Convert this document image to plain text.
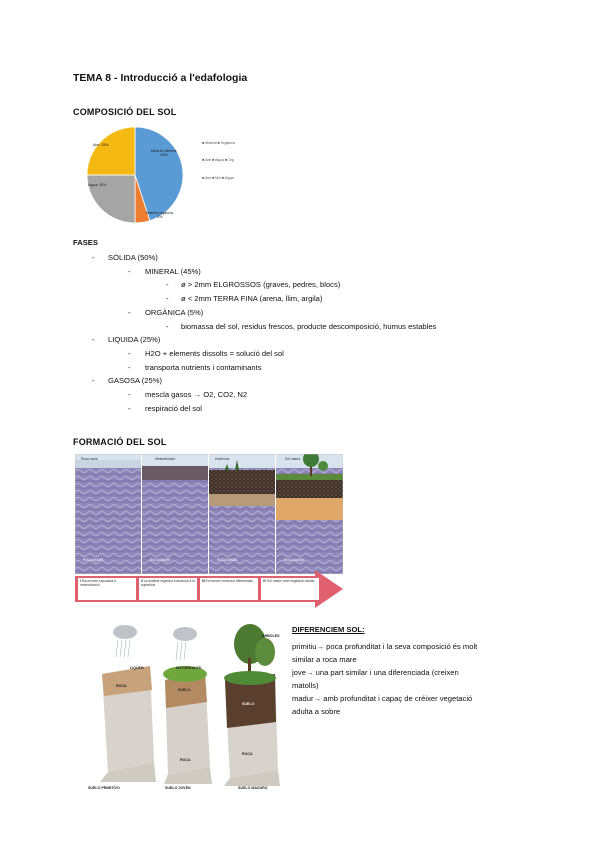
TEMA 8 - Introducció a l'edafologia
COMPOSICIÓ DEL SOL
Aire: 25%
Mineral: Mineral, 45%
Matèria orgànica, 5%
Aigua: 25%
■ Mineral ■ Orgànica
■ Aire ■ Aigua ■ Org
■ Aire ■ Min ■ Aigua
FASES
- SÒLIDA (50%)
- MINERAL (45%)
- ø > 2mm ELGROSSOS (graves, pedres, blocs)
- ø < 2mm TERRA FINA (arena, llim, argila)
- ORGÀNICA (5%)
- biomassa del sol, residus frescos, producte descomposició, humus estables
- LIQUIDA (25%)
- H2O + elements dissolts = solució del sol
- transporta nutrients i contaminants
- GASOSA (25%)
- mescla gasos → O2, CO2, N2
- respiració del sol
FORMACIÓ DEL SOL
Meteorització	Horitzons	Sòl madur
Roca mare
ROCA MARE	ROCA MARE	ROCA MARE	ROCA MARE
I Roca mare exposada a meteorització
II La matèria orgànica s'acumula a la superfície
III Es formen horitzons diferenciats	IV Sòl madur amb vegetació adulta
LIQUEN	MATORRALES
ÁRBOLES
ROCA
SUELO
SUELO
ROCA
ROCA
SUELO PRIMITIVO	SUELO JOVEN	SUELO MADURO
DIFERENCIEM SOL:
primitiu→ poca profunditat i la seva composició és molt
similar a roca mare
jove→ una part similar i una diferenciada (creixen
matolls)
madur→ amb profunditat i capaç de créixer vegetació
adulta a sobre
